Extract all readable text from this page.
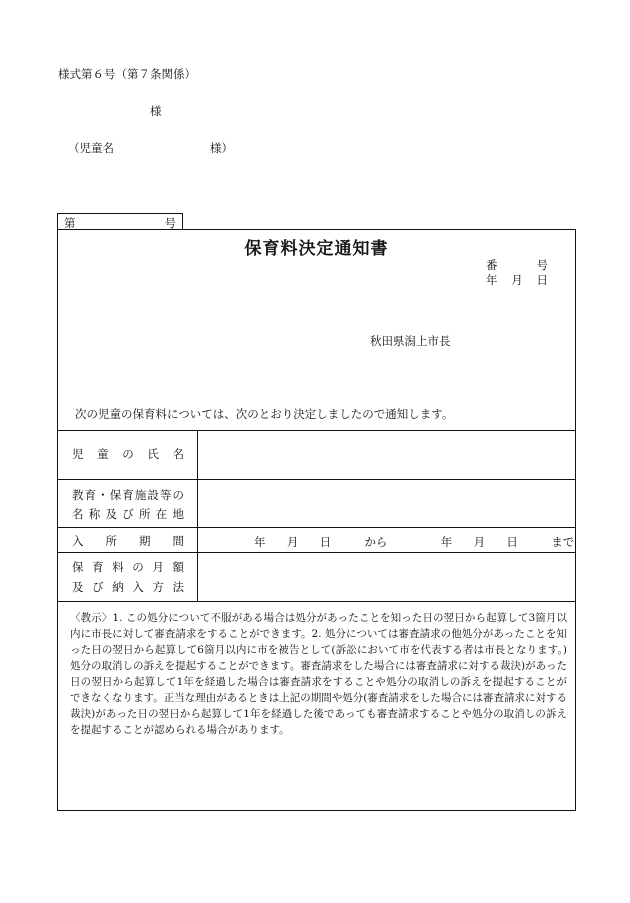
様式第６号（第７条関係）
様
（児童名	様）
第	号
保育料決定通知書
番	号
年 月 日
秋田県潟上市長
次の児童の保育料については、次のとおり決定しましたので通知します。
児 童 の 氏 名
教 育 ・ 保 育 施 設 等 の
名 称 及 び 所 在 地
入 所 期 間	年 月 日	から	年 月 日	まで
保 育 料 の 月 額
及 び 納 入 方 法
〈教示〉1. この処分について不服がある場合は処分があったことを知った日の翌日から起算して3箇月以内に市長に対して審査請求をすることができます。2. 処分については審査請求の他処分があったことを知った日の翌日から起算して6箇月以内に市を被告として(訴訟において市を代表する者は市長となります。)処分の取消しの訴えを提起することができます。審査請求をした場合には審査請求に対する裁決)があった日の翌日から起算して1年を経過した場合は審査請求をすることや処分の取消しの訴えを提起することができなくなります。正当な理由があるときは上記の期間や処分(審査請求をした場合には審査請求に対する裁決)があった日の翌日から起算して1年を経過した後であっても審査請求することや処分の取消しの訴えを提起することが認められる場合があります。
